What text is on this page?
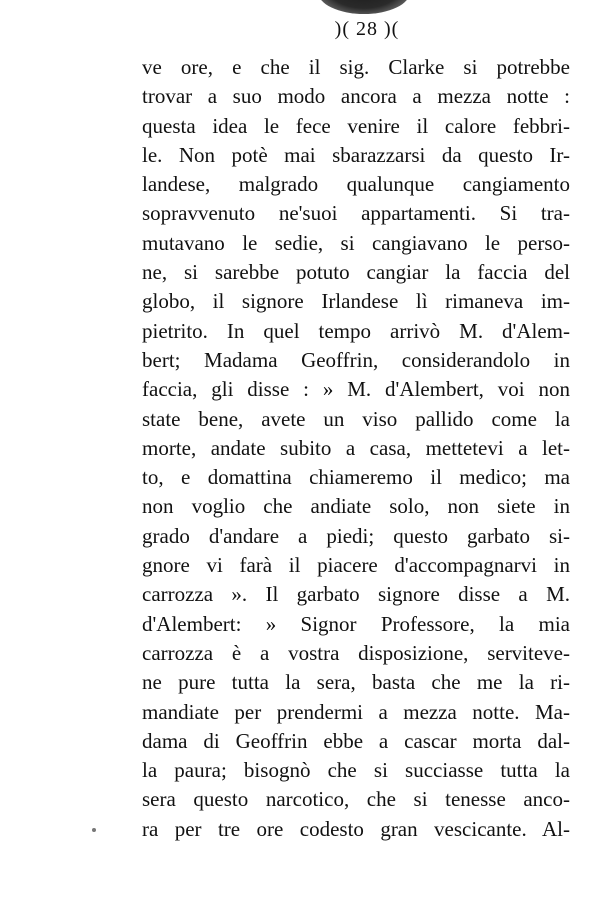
)( 28 )(
ve ore, e che il sig. Clarke si potrebbe
trovar a suo modo ancora a mezza notte :
questa idea le fece venire il calore febbri-
le. Non potè mai sbarazzarsi da questo Ir-
landese, malgrado qualunque cangiamento
sopravvenuto ne'suoi appartamenti. Si tra-
mutavano le sedie, si cangiavano le perso-
ne, si sarebbe potuto cangiar la faccia del
globo, il signore Irlandese lì rimaneva im-
pietrito. In quel tempo arrivò M. d'Alem-
bert; Madama Geoffrin, considerandolo in
faccia, gli disse : » M. d'Alembert, voi non
state bene, avete un viso pallido come la
morte, andate subito a casa, mettetevi a let-
to, e domattina chiameremo il medico; ma
non voglio che andiate solo, non siete in
grado d'andare a piedi; questo garbato si-
gnore vi farà il piacere d'accompagnarvi in
carrozza ». Il garbato signore disse a M.
d'Alembert: » Signor Professore, la mia
carrozza è a vostra disposizione, serviteve-
ne pure tutta la sera, basta che me la ri-
mandiate per prendermi a mezza notte. Ma-
dama di Geoffrin ebbe a cascar morta dal-
la paura; bisognò che si succiasse tutta la
sera questo narcotico, che si tenesse anco-
ra per tre ore codesto gran vescicante. Al-
